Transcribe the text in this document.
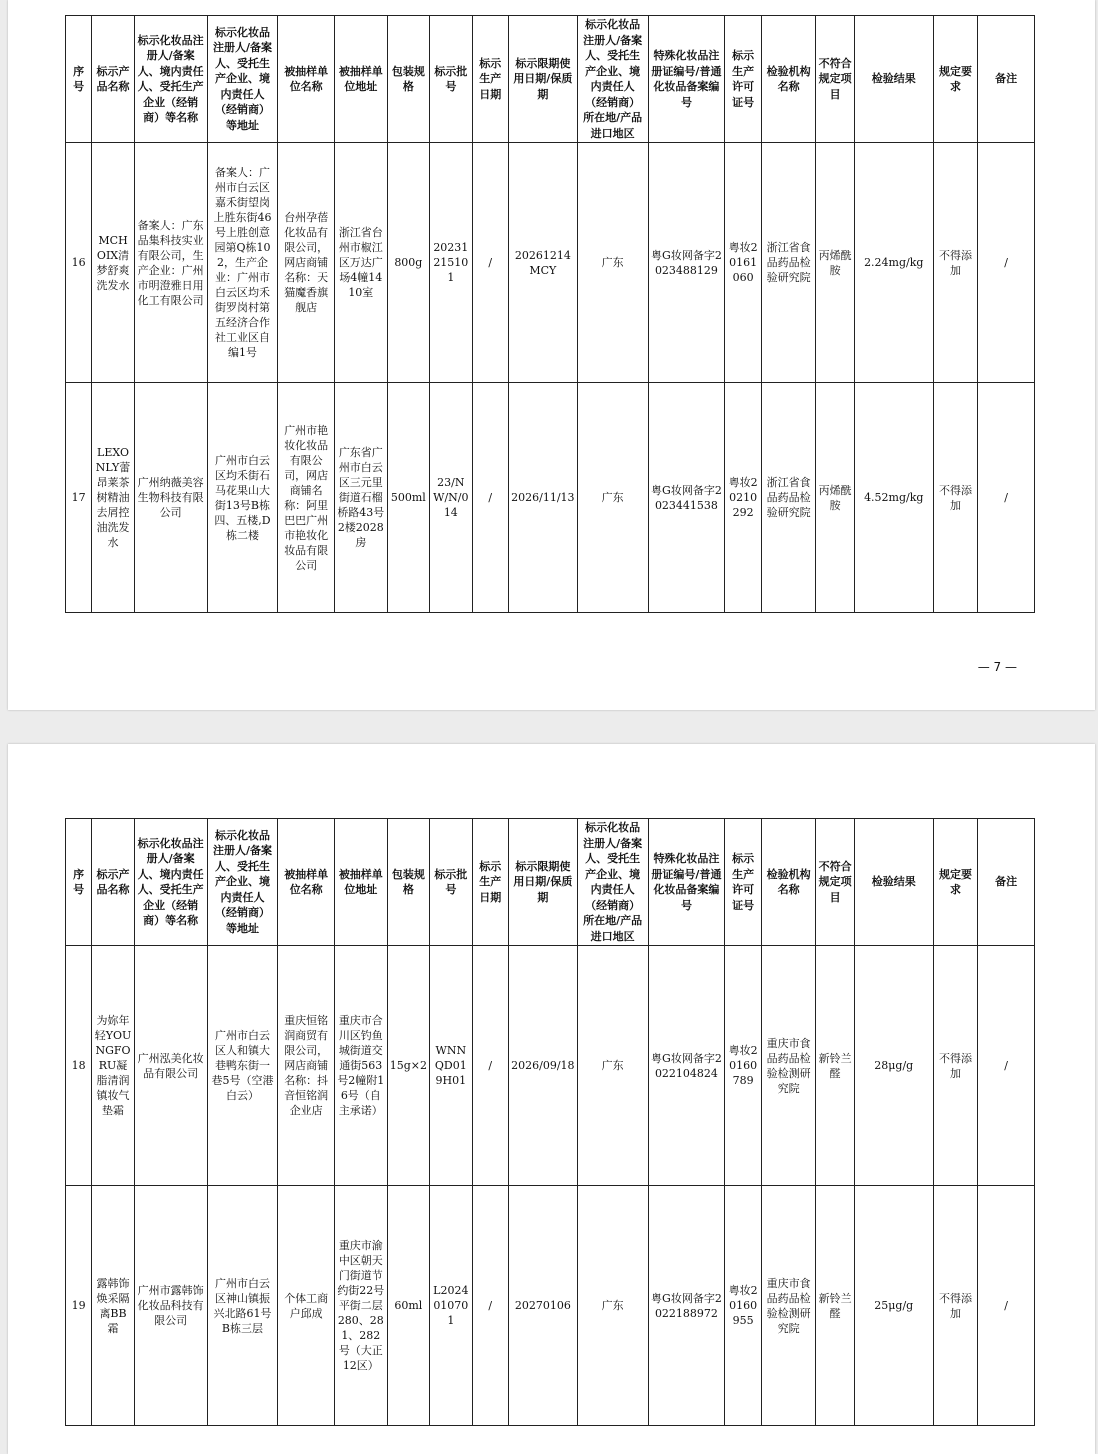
序号	标示产品名称	标示化妆品注册人/备案人、境内责任人、受托生产企业（经销商）等名称	标示化妆品注册人/备案人、受托生产企业、境内责任人（经销商）等地址	被抽样单位名称	被抽样单位地址	包装规格	标示批号	标示生产日期	标示限期使用日期/保质期	标示化妆品注册人/备案人、受托生产企业、境内责任人（经销商）所在地/产品进口地区	特殊化妆品注册证编号/普通化妆品备案编号	标示生产许可证号	检验机构名称	不符合规定项目	检验结果	规定要求	备注
16	MCHOIX清梦舒爽洗发水	备案人：广东品集科技实业有限公司，生产企业：广州市明澄雅日用化工有限公司	备案人：广州市白云区嘉禾街望岗上胜东街46号上胜创意园第Q栋102，生产企业：广州市白云区均禾街罗岗村第五经济合作社工业区自编1号	台州孕蓓化妆品有限公司，网店商铺名称：天猫魔香旗舰店	浙江省台州市椒江区万达广场4幢1410室	800g	20231215101	/	20261214MCY	广东	粤G妆网备字2023488129	粤妆20161060	浙江省食品药品检验研究院	丙烯酰胺	2.24mg/kg	不得添加	/
17	LEXONLY蕾昂莱茶树精油去屑控油洗发水	广州纳薇美容生物科技有限公司	广州市白云区均禾街石马花果山大街13号B栋四、五楼,D栋二楼	广州市艳妆化妆品有限公司，网店商铺名称：阿里巴巴广州市艳妆化妆品有限公司	广东省广州市白云区三元里街道石榴桥路43号2楼2028房	500ml	23/NW/N/014	/	2026/11/13	广东	粤G妆网备字2023441538	粤妆20210292	浙江省食品药品检验研究院	丙烯酰胺	4.52mg/kg	不得添加	/
— 7 —
序号	标示产品名称	标示化妆品注册人/备案人、境内责任人、受托生产企业（经销商）等名称	标示化妆品注册人/备案人、受托生产企业、境内责任人（经销商）等地址	被抽样单位名称	被抽样单位地址	包装规格	标示批号	标示生产日期	标示限期使用日期/保质期	标示化妆品注册人/备案人、受托生产企业、境内责任人（经销商）所在地/产品进口地区	特殊化妆品注册证编号/普通化妆品备案编号	标示生产许可证号	检验机构名称	不符合规定项目	检验结果	规定要求	备注
18	为妳年轻YOUNGFORU凝脂清润镇妆气垫霜	广州泓美化妆品有限公司	广州市白云区人和镇大巷鸭东街一巷5号（空港白云）	重庆恒铭润商贸有限公司，网店商铺名称：抖音恒铭润企业店	重庆市合川区钓鱼城街道交通街563号2幢附16号（自主承诺）	15g×2	WNNQD019H01	/	2026/09/18	广东	粤G妆网备字2022104824	粤妆20160789	重庆市食品药品检验检测研究院	新铃兰醛	28μg/g	不得添加	/
19	露韩饰焕采隔离BB霜	广州市露韩饰化妆品科技有限公司	广州市白云区神山镇振兴北路61号B栋三层	个体工商户邱成	重庆市渝中区朝天门街道节约街22号平街二层280、281、282号（大正12区）	60ml	L2024010701	/	20270106	广东	粤G妆网备字2022188972	粤妆20160955	重庆市食品药品检验检测研究院	新铃兰醛	25μg/g	不得添加	/
